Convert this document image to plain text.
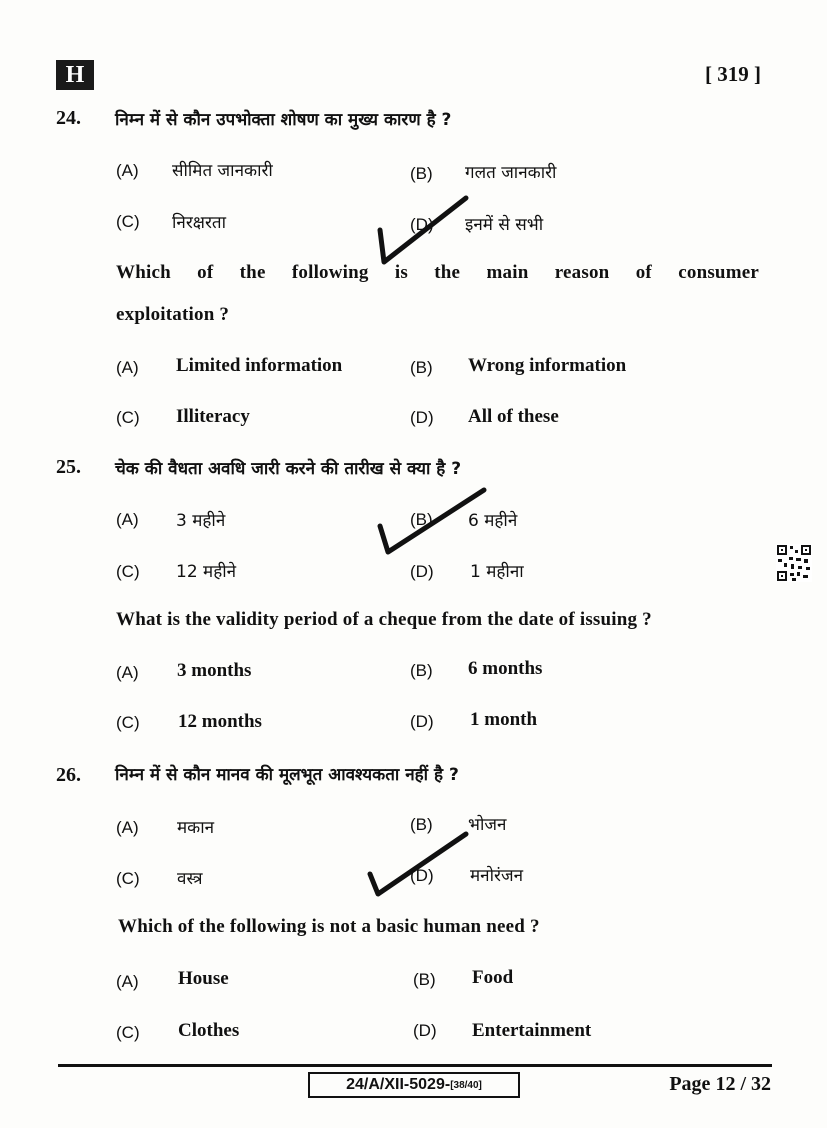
H	[ 319 ]
24. निम्न में से कौन उपभोक्ता शोषण का मुख्य कारण है ?
(A) सीमित जानकारी	(B) गलत जानकारी
(C) निरक्षरता	(D) इनमें से सभी
Which of the following is the main reason of consumer
exploitation ?
(A) Limited information	(B) Wrong information
(C) Illiteracy	(D) All of these
25. चेक की वैधता अवधि जारी करने की तारीख से क्या है ?
(A) 3 महीने	(B) 6 महीने
(C) 12 महीने	(D) 1 महीना
What is the validity period of a cheque from the date of issuing ?
(A) 3 months	(B) 6 months
(C) 12 months	(D) 1 month
26. निम्न में से कौन मानव की मूलभूत आवश्यकता नहीं है ?
(A) मकान	(B) भोजन
(C) वस्त्र	(D) मनोरंजन
Which of the following is not a basic human need ?
(A) House	(B) Food
(C) Clothes	(D) Entertainment
24/A/XII-5029- [38/40]	Page 12 / 32
